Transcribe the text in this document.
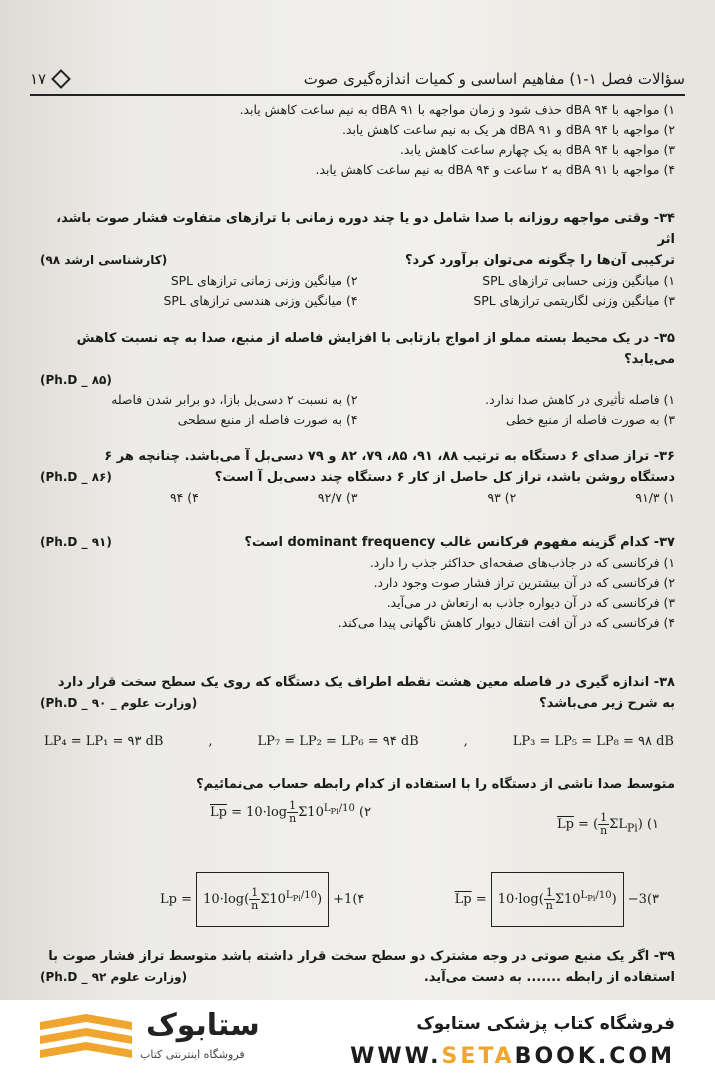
۱۷	سؤالات فصل ۱-۱) مفاهیم اساسی و کمیات اندازه‌گیری صوت
۱) مواجهه با ۹۴ dBA حذف شود و زمان مواجهه با ۹۱ dBA به نیم ساعت کاهش یابد.
۲) مواجهه با ۹۴ dBA و ۹۱ dBA هر یک به نیم ساعت کاهش یابد.
۳) مواجهه با ۹۴ dBA به یک چهارم ساعت کاهش یابد.
۴) مواجهه با ۹۱ dBA به ۲ ساعت و ۹۴ dBA به نیم ساعت کاهش یابد.
۳۴- وقتی مواجهه روزانه با صدا شامل دو یا چند دوره زمانی با ترازهای متفاوت فشار صوت باشد، اثر
ترکیبی آن‌ها را چگونه می‌توان برآورد کرد؟
(کارشناسی ارشد ۹۸)
۱) میانگین وزنی حسابی ترازهای SPL
۲) میانگین وزنی زمانی ترازهای SPL
۳) میانگین وزنی لگاریتمی ترازهای SPL
۴) میانگین وزنی هندسی ترازهای SPL
۳۵- در یک محیط بسته مملو از امواج بازتابی با افزایش فاصله از منبع، صدا به چه نسبت کاهش
می‌یابد؟
(Ph.D _ ۸۵)
۱) فاصله تأثیری در کاهش صدا ندارد.
۲) به نسبت ۲ دسی‌بل بازا، دو برابر شدن فاصله
۳) به صورت فاصله از منبع خطی
۴) به صورت فاصله از منبع سطحی
۳۶- تراز صدای ۶ دستگاه به ترتیب ۸۸، ۹۱، ۸۵، ۷۹، ۸۲ و ۷۹ دسی‌بل آ می‌باشد. چنانچه هر ۶
دستگاه روشن باشد، تراز کل حاصل از کار ۶ دستگاه چند دسی‌بل آ است؟
(Ph.D _ ۸۶)
۱) ۹۱/۳
۲) ۹۳
۳) ۹۲/۷
۴) ۹۴
۳۷- کدام گزینه مفهوم فرکانس غالب dominant frequency است؟
(Ph.D _ ۹۱)
۱) فرکانسی که در جاذب‌های صفحه‌ای حداکثر جذب را دارد.
۲) فرکانسی که در آن بیشترین تراز فشار صوت وجود دارد.
۳) فرکانسی که در آن دیواره جاذب به ارتعاش در می‌آید.
۴) فرکانسی که در آن افت انتقال دیوار کاهش ناگهانی پیدا می‌کند.
۳۸- اندازه گیری در فاصله معین هشت نقطه اطراف یک دستگاه که روی یک سطح سخت قرار دارد
به شرح زیر می‌باشد؟
(وزارت علوم _ Ph.D _ ۹۰)
LP₄ = LP₁ = ۹۳ dB	,	LP₇ = LP₂ = LP₆ = ۹۴ dB	,	LP₃ = LP₅ = LP₈ = ۹۸ dB
متوسط صدا ناشی از دستگاه را با استفاده از کدام رابطه حساب می‌نمائیم؟
$\overline{Lp}$ = ( $\frac{1}{n} \Sigma L_{Pi}$) (۱
$\overline{Lp} = 10\cdot\log \frac{1}{n} \Sigma 10^{L_{Pi}/10}$ (۲
$\overline{Lp} = 10\cdot\log( \frac{1}{n} \Sigma 10^{L_{Pi}/10}) -3$ (۳
$Lp = 10\cdot\log( \frac{1}{n} \Sigma 10^{L_{Pi}/10}) +1$ (۴
۳۹- اگر یک منبع صوتی در وجه مشترک دو سطح سخت قرار داشته باشد متوسط تراز فشار صوت با
استفاده از رابطه ....... به دست می‌آید.
(وزارت علوم Ph.D _ ۹۲)
ستابوک
فروشگاه اینترنتی کتاب
فروشگاه کتاب پزشکی ستابوک
WWW.SETABOOK.COM
